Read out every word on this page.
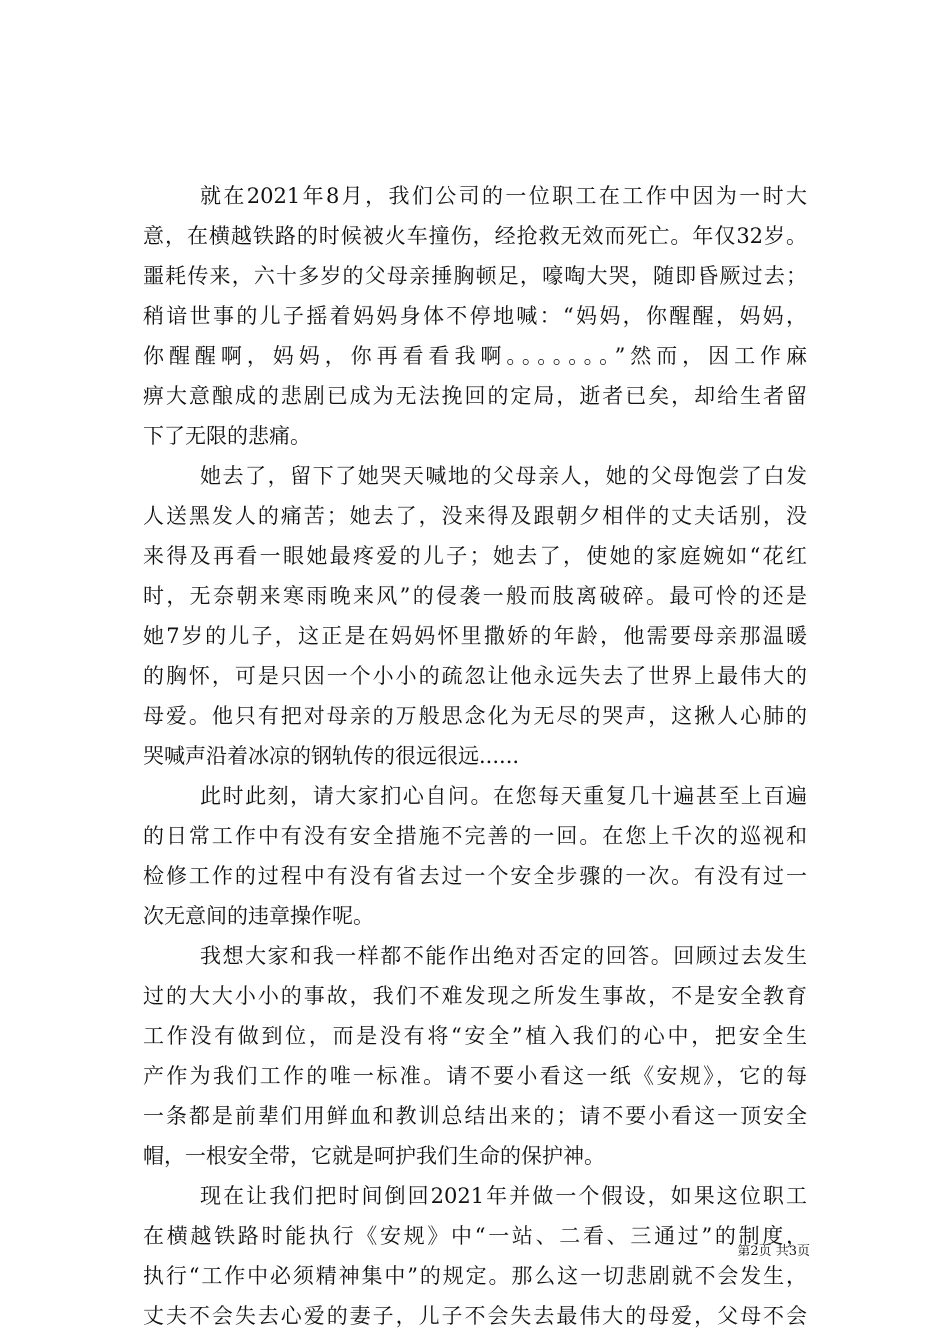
就在2021年8月，我们公司的一位职工在工作中因为一时大
意，在横越铁路的时候被火车撞伤，经抢救无效而死亡。年仅32岁。
噩耗传来，六十多岁的父母亲捶胸顿足，嚎啕大哭，随即昏厥过去；
稍谙世事的儿子摇着妈妈身体不停地喊：“妈妈，你醒醒，妈妈，
你醒醒啊，妈妈，你再看看我啊。。。。。。。”然而，因工作麻
痹大意酿成的悲剧已成为无法挽回的定局，逝者已矣，却给生者留
下了无限的悲痛。
她去了，留下了她哭天喊地的父母亲人，她的父母饱尝了白发
人送黑发人的痛苦；她去了，没来得及跟朝夕相伴的丈夫话别，没
来得及再看一眼她最疼爱的儿子；她去了，使她的家庭婉如“花红
时，无奈朝来寒雨晚来风”的侵袭一般而肢离破碎。最可怜的还是
她7岁的儿子，这正是在妈妈怀里撒娇的年龄，他需要母亲那温暖
的胸怀，可是只因一个小小的疏忽让他永远失去了世界上最伟大的
母爱。他只有把对母亲的万般思念化为无尽的哭声，这揪人心肺的
哭喊声沿着冰凉的钢轨传的很远很远......
此时此刻，请大家扪心自问。在您每天重复几十遍甚至上百遍
的日常工作中有没有安全措施不完善的一回。在您上千次的巡视和
检修工作的过程中有没有省去过一个安全步骤的一次。有没有过一
次无意间的违章操作呢。
我想大家和我一样都不能作出绝对否定的回答。回顾过去发生
过的大大小小的事故，我们不难发现之所发生事故，不是安全教育
工作没有做到位，而是没有将“安全”植入我们的心中，把安全生
产作为我们工作的唯一标准。请不要小看这一纸《安规》，它的每
一条都是前辈们用鲜血和教训总结出来的；请不要小看这一顶安全
帽，一根安全带，它就是呵护我们生命的保护神。
现在让我们把时间倒回2021年并做一个假设，如果这位职工
在横越铁路时能执行《安规》中“一站、二看、三通过”的制度，
执行“工作中必须精神集中”的规定。那么这一切悲剧就不会发生，
丈夫不会失去心爱的妻子，儿子不会失去最伟大的母爱，父母不会
第2页 共3页
